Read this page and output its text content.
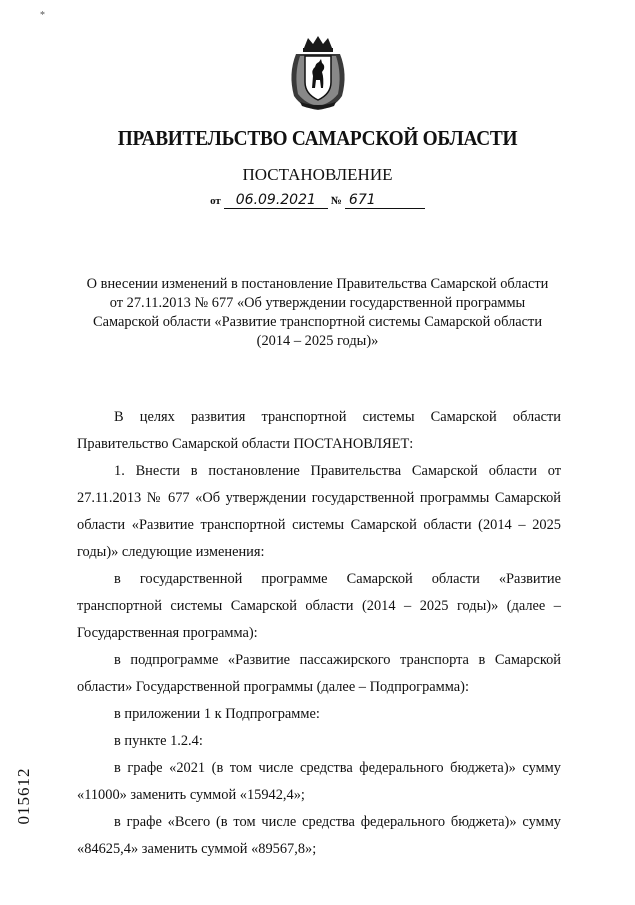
*
ПРАВИТЕЛЬСТВО САМАРСКОЙ ОБЛАСТИ
ПОСТАНОВЛЕНИЕ
от 06.09.2021 № 671
О внесении изменений в постановление Правительства Самарской области
от 27.11.2013 № 677 «Об утверждении государственной программы
Самарской области «Развитие транспортной системы Самарской области
(2014 – 2025 годы)»

В целях развития транспортной системы Самарской области Правительство Самарской области ПОСТАНОВЛЯЕТ:

1. Внести в постановление Правительства Самарской области от 27.11.2013 № 677 «Об утверждении государственной программы Самарской области «Развитие транспортной системы Самарской области (2014 – 2025 годы)» следующие изменения:

в государственной программе Самарской области «Развитие транспортной системы Самарской области (2014 – 2025 годы)» (далее – Государственная программа):

в подпрограмме «Развитие пассажирского транспорта в Самарской области» Государственной программы (далее – Подпрограмма):

в приложении 1 к Подпрограмме:

в пункте 1.2.4:

в графе «2021 (в том числе средства федерального бюджета)» сумму «11000» заменить суммой «15942,4»;

в графе «Всего (в том числе средства федерального бюджета)» сумму «84625,4» заменить суммой «89567,8»;

015612
